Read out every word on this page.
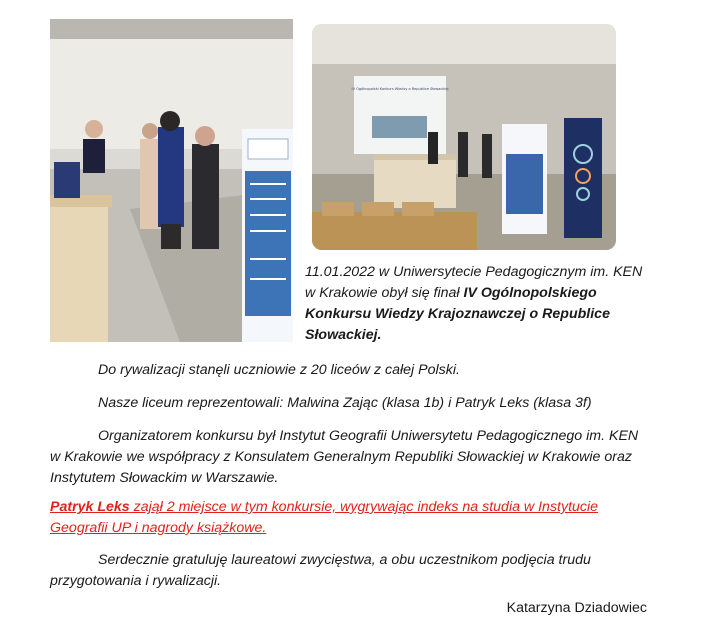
IV Ogólnopolski Konkurs Wiedzy o Republice Słowackiej
11.01.2022 w Uniwersytecie Pedagogicznym im. KEN w Krakowie obył się finał IV Ogólnopolskiego Konkursu Wiedzy Krajoznawczej o Republice Słowackiej.
Do rywalizacji stanęli uczniowie z 20 liceów z całej Polski.
Nasze liceum reprezentowali: Malwina Zając (klasa 1b) i Patryk Leks (klasa 3f)
Organizatorem konkursu był Instytut Geografii Uniwersytetu Pedagogicznego im. KEN w Krakowie we współpracy z Konsulatem Generalnym Republiki Słowackiej w Krakowie oraz Instytutem Słowackim w Warszawie.
Patryk Leks zajął 2 miejsce w tym konkursie, wygrywając indeks na studia w Instytucie Geografii UP i nagrody książkowe.
Serdecznie gratuluję laureatowi zwycięstwa, a obu uczestnikom podjęcia trudu przygotowania i rywalizacji.
Katarzyna Dziadowiec
